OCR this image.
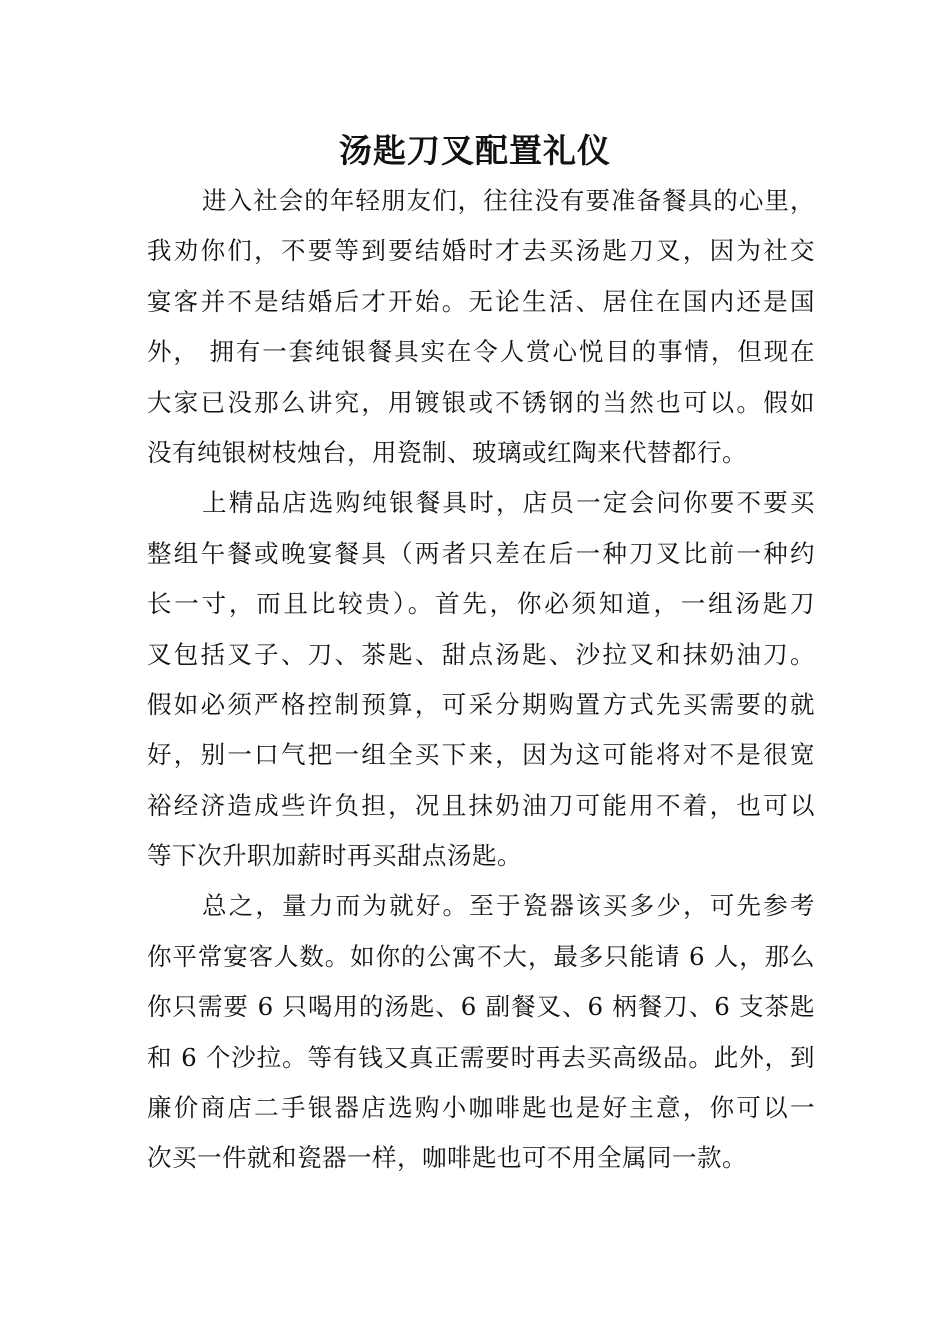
汤匙刀叉配置礼仪
进入社会的年轻朋友们，往往没有要准备餐具的心里，
我劝你们，不要等到要结婚时才去买汤匙刀叉，因为社交
宴客并不是结婚后才开始。无论生活、居住在国内还是国
外， 拥有一套纯银餐具实在令人赏心悦目的事情，但现在
大家已没那么讲究，用镀银或不锈钢的当然也可以。假如
没有纯银树枝烛台，用瓷制、玻璃或红陶来代替都行。
上精品店选购纯银餐具时，店员一定会问你要不要买
整组午餐或晚宴餐具（两者只差在后一种刀叉比前一种约
长一寸，而且比较贵）。首先，你必须知道，一组汤匙刀
叉包括叉子、刀、茶匙、甜点汤匙、沙拉叉和抹奶油刀。
假如必须严格控制预算，可采分期购置方式先买需要的就
好，别一口气把一组全买下来，因为这可能将对不是很宽
裕经济造成些许负担，况且抹奶油刀可能用不着，也可以
等下次升职加薪时再买甜点汤匙。
总之，量力而为就好。至于瓷器该买多少，可先参考
你平常宴客人数。如你的公寓不大，最多只能请 6 人，那么
你只需要 6 只喝用的汤匙、6 副餐叉、6 柄餐刀、6 支茶匙
和 6 个沙拉。等有钱又真正需要时再去买高级品。此外，到
廉价商店二手银器店选购小咖啡匙也是好主意，你可以一
次买一件就和瓷器一样，咖啡匙也可不用全属同一款。
